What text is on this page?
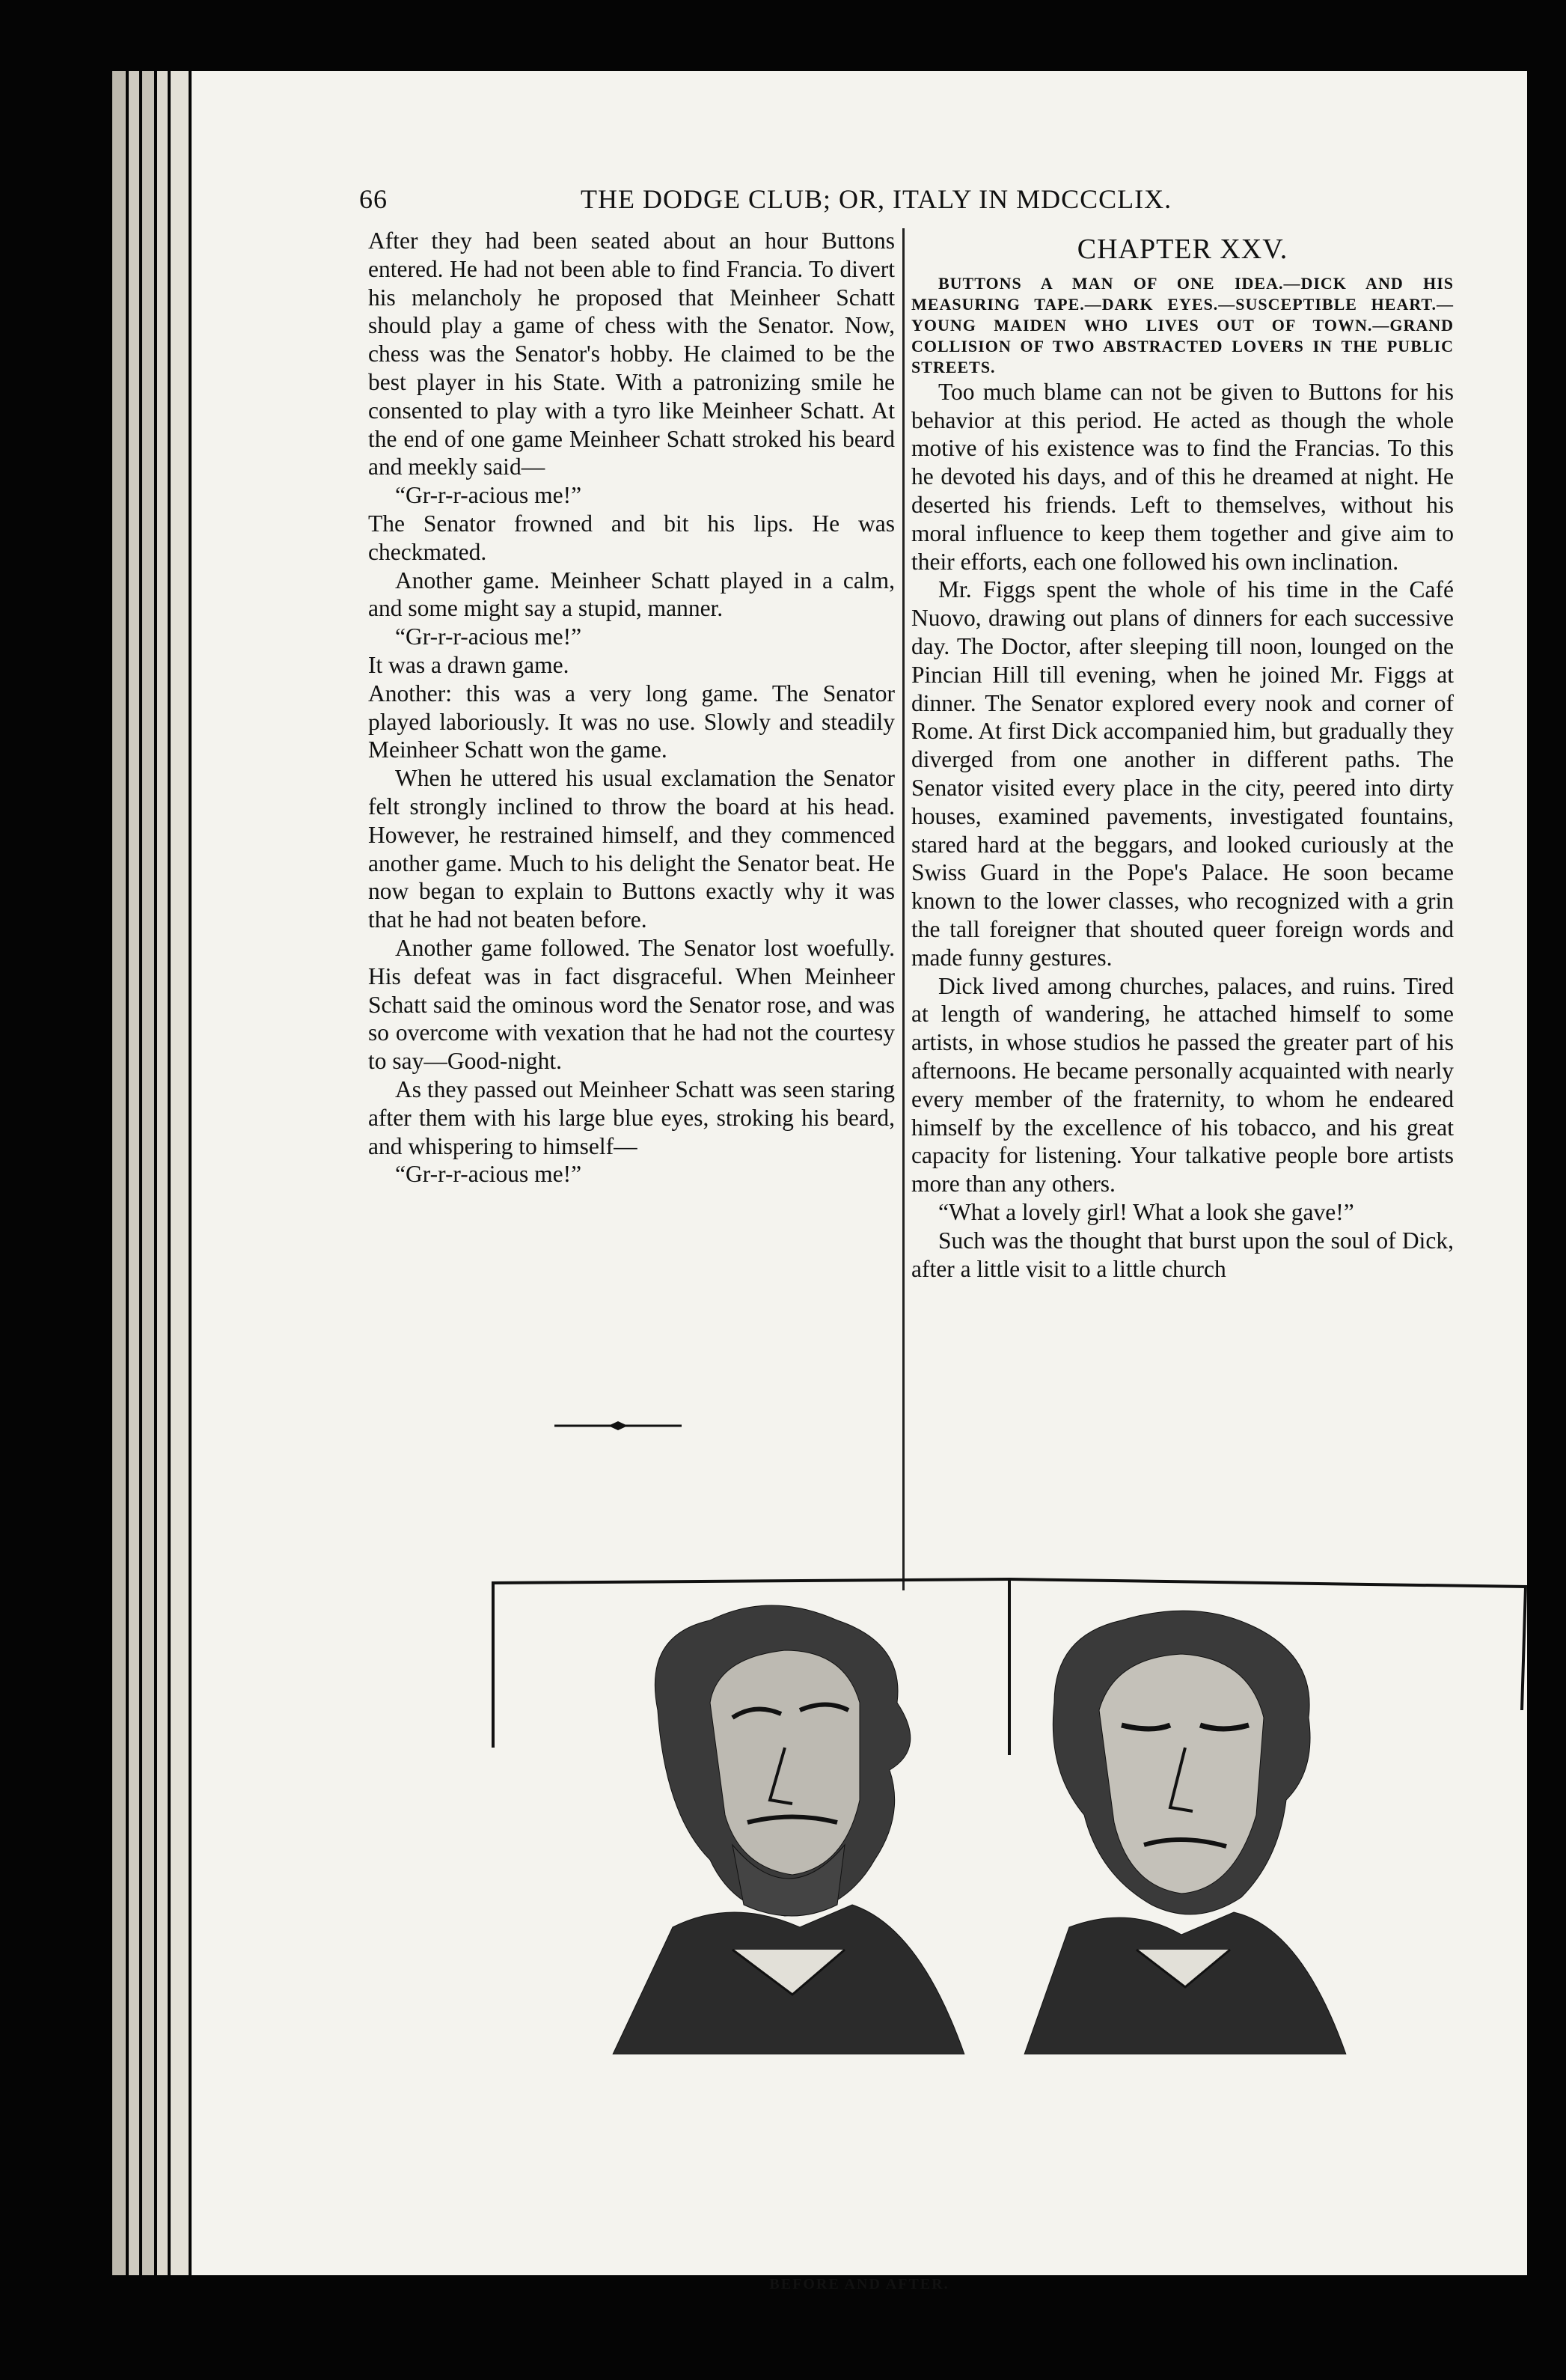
66	THE DODGE CLUB; OR, ITALY IN MDCCCLIX.

After they had been seated about an hour Buttons entered. He had not been able to find Francia. To divert his melancholy he proposed that Meinheer Schatt should play a game of chess with the Senator. Now, chess was the Senator's hobby. He claimed to be the best player in his State. With a patronizing smile he consented to play with a tyro like Meinheer Schatt. At the end of one game Meinheer Schatt stroked his beard and meekly said—

“Gr-r-r-acious me!”

The Senator frowned and bit his lips. He was checkmated.

Another game. Meinheer Schatt played in a calm, and some might say a stupid, manner.

“Gr-r-r-acious me!”

It was a drawn game.

Another: this was a very long game. The Senator played laboriously. It was no use. Slowly and steadily Meinheer Schatt won the game.

When he uttered his usual exclamation the Senator felt strongly inclined to throw the board at his head. However, he restrained himself, and they commenced another game. Much to his delight the Senator beat. He now began to explain to Buttons exactly why it was that he had not beaten before.

Another game followed. The Senator lost woefully. His defeat was in fact disgraceful. When Meinheer Schatt said the ominous word the Senator rose, and was so overcome with vexation that he had not the courtesy to say—Good-night.

As they passed out Meinheer Schatt was seen staring after them with his large blue eyes, stroking his beard, and whispering to himself—

“Gr-r-r-acious me!”

CHAPTER XXV.

BUTTONS A MAN OF ONE IDEA.—DICK AND HIS MEASURING TAPE.—DARK EYES.—SUSCEPTIBLE HEART.—YOUNG MAIDEN WHO LIVES OUT OF TOWN.—GRAND COLLISION OF TWO ABSTRACTED LOVERS IN THE PUBLIC STREETS.

Too much blame can not be given to Buttons for his behavior at this period. He acted as though the whole motive of his existence was to find the Francias. To this he devoted his days, and of this he dreamed at night. He deserted his friends. Left to themselves, without his moral influence to keep them together and give aim to their efforts, each one followed his own inclination.

Mr. Figgs spent the whole of his time in the Café Nuovo, drawing out plans of dinners for each successive day. The Doctor, after sleeping till noon, lounged on the Pincian Hill till evening, when he joined Mr. Figgs at dinner. The Senator explored every nook and corner of Rome. At first Dick accompanied him, but gradually they diverged from one another in different paths. The Senator visited every place in the city, peered into dirty houses, examined pavements, investigated fountains, stared hard at the beggars, and looked curiously at the Swiss Guard in the Pope's Palace. He soon became known to the lower classes, who recognized with a grin the tall foreigner that shouted queer foreign words and made funny gestures.

Dick lived among churches, palaces, and ruins. Tired at length of wandering, he attached himself to some artists, in whose studios he passed the greater part of his afternoons. He became personally acquainted with nearly every member of the fraternity, to whom he endeared himself by the excellence of his tobacco, and his great capacity for listening. Your talkative people bore artists more than any others.

“What a lovely girl! What a look she gave!”

Such was the thought that burst upon the soul of Dick, after a little visit to a little church

BEFORE AND AFTER.
